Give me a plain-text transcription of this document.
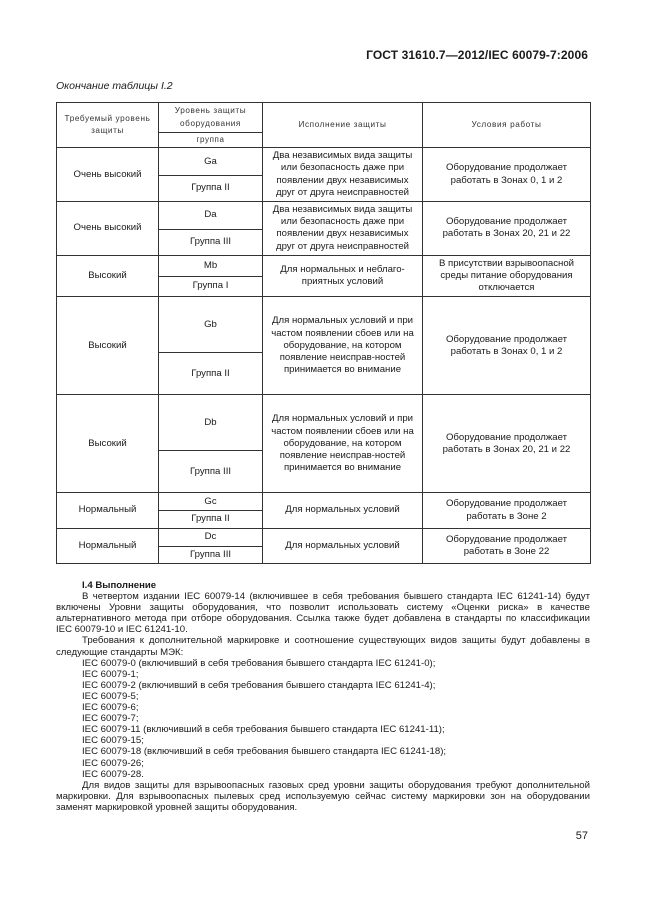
ГОСТ 31610.7—2012/IEC 60079-7:2006
Окончание таблицы I.2
Требуемый уровень защиты	Уровень защиты оборудования	Исполнение защиты	Условия работы
	группа		
Очень высокий	Ga	Два независимых вида защиты или безопасность даже при появлении двух независимых друг от друга неисправностей	Оборудование продолжает работать в Зонах 0, 1 и 2
	Группа II		
Очень высокий	Da	Два независимых вида защиты или безопасность даже при появлении двух независимых друг от друга неисправностей	Оборудование продолжает работать в Зонах 20, 21 и 22
	Группа III		
Высокий	Mb	Для нормальных и неблаго-приятных условий	В присутствии взрывоопасной среды питание оборудования отключается
	Группа I		
Высокий	Gb	Для нормальных условий и при частом появлении сбоев или на оборудование, на котором появление неисправ-ностей принимается во внимание	Оборудование продолжает работать в Зонах 0, 1 и 2
	Группа II		
Высокий	Db	Для нормальных условий и при частом появлении сбоев или на оборудование, на котором появление неисправ-ностей принимается во внимание	Оборудование продолжает работать в Зонах 20, 21 и 22
	Группа III		
Нормальный	Gc	Для нормальных условий	Оборудование продолжает работать в Зоне 2
	Группа II		
Нормальный	Dc	Для нормальных условий	Оборудование продолжает работать в Зоне 22
	Группа III		

I.4 Выполнение

В четвертом издании IEC 60079-14 (включившее в себя требования бывшего стандарта IEC 61241-14) будут включены Уровни защиты оборудования, что позволит использовать систему «Оценки риска» в качестве альтернативного метода при отборе оборудования. Ссылка также будет добавлена в стандарты по классификации IEC 60079-10 и IEC 61241-10.

Требования к дополнительной маркировке и соотношение существующих видов защиты будут добавлены в следующие стандарты МЭК:

IEC 60079-0 (включивший в себя требования бывшего стандарта IEC 61241-0);

IEC 60079-1;

IEC 60079-2 (включивший в себя требования бывшего стандарта IEC 61241-4);

IEC 60079-5;

IEC 60079-6;

IEC 60079-7;

IEC 60079-11 (включивший в себя требования бывшего стандарта IEC 61241-11);

IEC 60079-15;

IEC 60079-18 (включивший в себя требования бывшего стандарта IEC 61241-18);

IEC 60079-26;

IEC 60079-28.

Для видов защиты для взрывоопасных газовых сред уровни защиты оборудования требуют дополнительной маркировки. Для взрывоопасных пылевых сред используемую сейчас систему маркировки зон на оборудовании заменят маркировкой уровней защиты оборудования.

57
